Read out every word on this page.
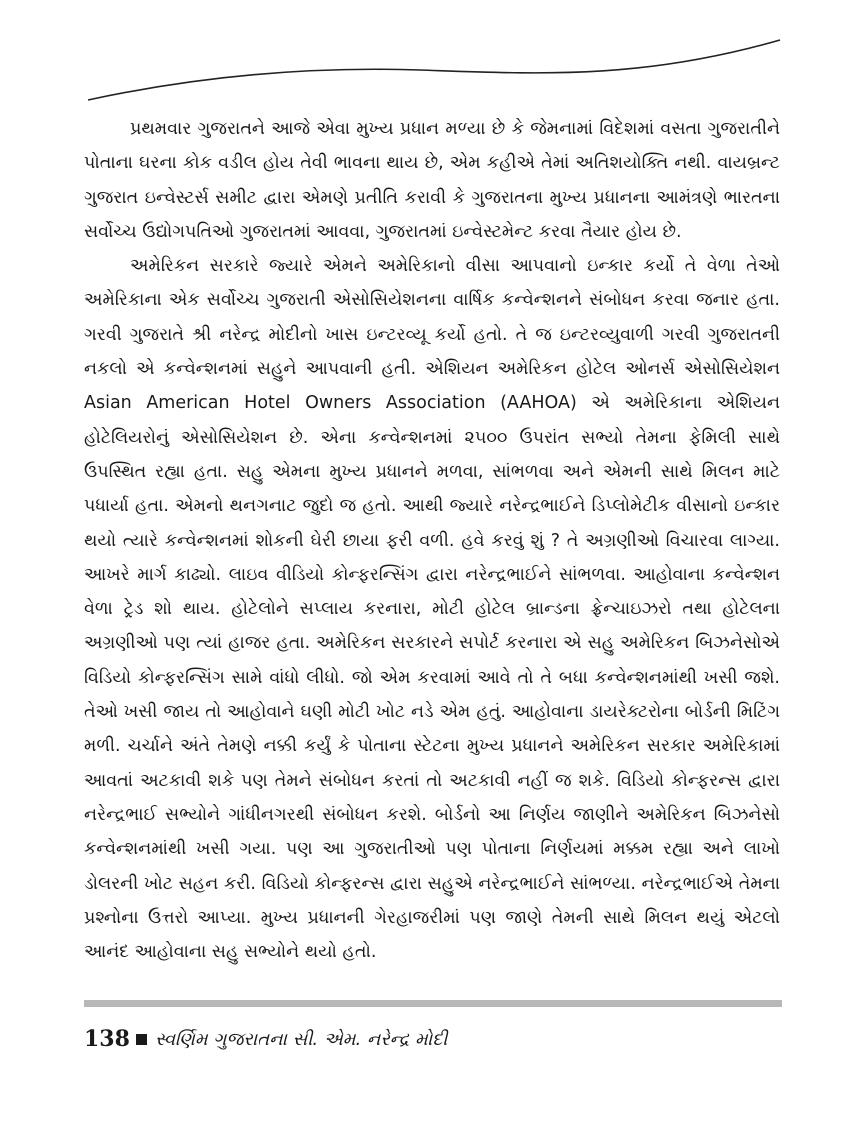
પ્રથમવાર ગુજરાતને આજે એવા મુખ્ય પ્રધાન મળ્યા છે કે જેમનામાં વિદેશમાં વસતા ગુજરાતીને પોતાના ઘરના કોક વડીલ હોય તેવી ભાવના થાય છે, એમ કહીએ તેમાં અતિશયોક્તિ નથી. વાયબ્રન્ટ ગુજરાત ઇન્વેસ્ટર્સ સમીટ દ્વારા એમણે પ્રતીતિ કરાવી કે ગુજરાતના મુખ્ય પ્રધાનના આમંત્રણે ભારતના સર્વોચ્ચ ઉદ્યોગપતિઓ ગુજરાતમાં આવવા, ગુજરાતમાં ઇન્વેસ્ટમેન્ટ કરવા તૈયાર હોય છે.

અમેરિકન સરકારે જ્યારે એમને અમેરિકાનો વીસા આપવાનો ઇન્કાર કર્યો તે વેળા તેઓ અમેરિકાના એક સર્વોચ્ચ ગુજરાતી એસોસિયેશનના વાર્ષિક કન્વેન્શનને સંબોધન કરવા જનાર હતા. ગરવી ગુજરાતે શ્રી નરેન્દ્ર મોદીનો ખાસ ઇન્ટરવ્યૂ કર્યો હતો. તે જ ઇન્ટરવ્યુવાળી ગરવી ગુજરાતની નકલો એ કન્વેન્શનમાં સહુને આપવાની હતી. એશિયન અમેરિકન હોટેલ ઓનર્સ એસોસિયેશન Asian American Hotel Owners Association (AAHOA) એ અમેરિકાના એશિયન હોટેલિયરોનું એસોસિયેશન છે. એના કન્વેન્શનમાં ૨૫૦૦ ઉપરાંત સભ્યો તેમના ફેમિલી સાથે ઉપસ્થિત રહ્યા હતા. સહુ એમના મુખ્ય પ્રધાનને મળવા, સાંભળવા અને એમની સાથે મિલન માટે પધાર્યા હતા. એમનો થનગનાટ જુદો જ હતો. આથી જ્યારે નરેન્દ્રભાઈને ડિપ્લોમેટીક વીસાનો ઇન્કાર થયો ત્યારે કન્વેન્શનમાં શોકની ઘેરી છાયા ફરી વળી. હવે કરવું શું ? તે અગ્રણીઓ વિચારવા લાગ્યા. આખરે માર્ગ કાઢ્યો. લાઇવ વીડિયો કોન્ફરન્સિંગ દ્વારા નરેન્દ્રભાઈને સાંભળવા. આહોવાના કન્વેન્શન વેળા ટ્રેડ શો થાય. હોટેલોને સપ્લાય કરનારા, મોટી હોટેલ બ્રાન્ડના ફ્રેન્ચાઇઝરો તથા હોટેલના અગ્રણીઓ પણ ત્યાં હાજર હતા. અમેરિકન સરકારને સપોર્ટ કરનારા એ સહુ અમેરિકન બિઝનેસોએ વિડિયો કોન્ફરન્સિંગ સામે વાંધો લીધો. જો એમ કરવામાં આવે તો તે બધા કન્વેન્શનમાંથી ખસી જશે. તેઓ ખસી જાય તો આહોવાને ઘણી મોટી ખોટ નડે એમ હતું. આહોવાના ડાયરેક્ટરોના બોર્ડની મિટિંગ મળી. ચર્ચાને અંતે તેમણે નક્કી કર્યું કે પોતાના સ્ટેટના મુખ્ય પ્રધાનને અમેરિકન સરકાર અમેરિકામાં આવતાં અટકાવી શકે પણ તેમને સંબોધન કરતાં તો અટકાવી નહીં જ શકે. વિડિયો કોન્ફરન્સ દ્વારા નરેન્દ્રભાઈ સભ્યોને ગાંધીનગરથી સંબોધન કરશે. બોર્ડનો આ નિર્ણય જાણીને અમેરિકન બિઝનેસો કન્વેન્શનમાંથી ખસી ગયા. પણ આ ગુજરાતીઓ પણ પોતાના નિર્ણયમાં મક્કમ રહ્યા અને લાખો ડોલરની ખોટ સહન કરી. વિડિયો કોન્ફરન્સ દ્વારા સહુએ નરેન્દ્રભાઈને સાંભળ્યા. નરેન્દ્રભાઈએ તેમના પ્રશ્નોના ઉત્તરો આપ્યા. મુખ્ય પ્રધાનની ગેરહાજરીમાં પણ જાણે તેમની સાથે મિલન થયું એટલો આનંદ આહોવાના સહુ સભ્યોને થયો હતો.

138 સ્વર્ણિમ ગુજરાતના સી. એમ. નરેન્દ્ર મોદી
